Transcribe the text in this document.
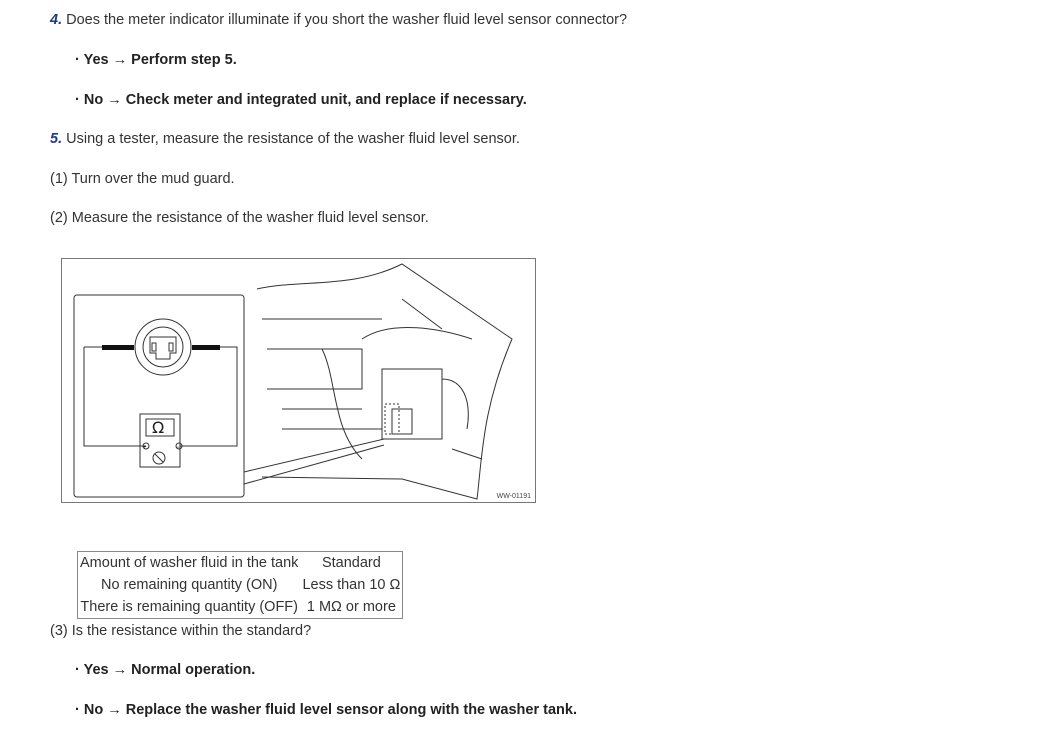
4. Does the meter indicator illuminate if you short the washer fluid level sensor connector?
· Yes → Perform step 5.
· No → Check meter and integrated unit, and replace if necessary.
5. Using a tester, measure the resistance of the washer fluid level sensor.
(1) Turn over the mud guard.
(2) Measure the resistance of the washer fluid level sensor.
Ω
+	−
WW-01191
Amount of washer fluid in the tank	Standard
No remaining quantity (ON)	Less than 10 Ω
There is remaining quantity (OFF)	1 MΩ or more
(3) Is the resistance within the standard?
· Yes → Normal operation.
· No → Replace the washer fluid level sensor along with the washer tank.
